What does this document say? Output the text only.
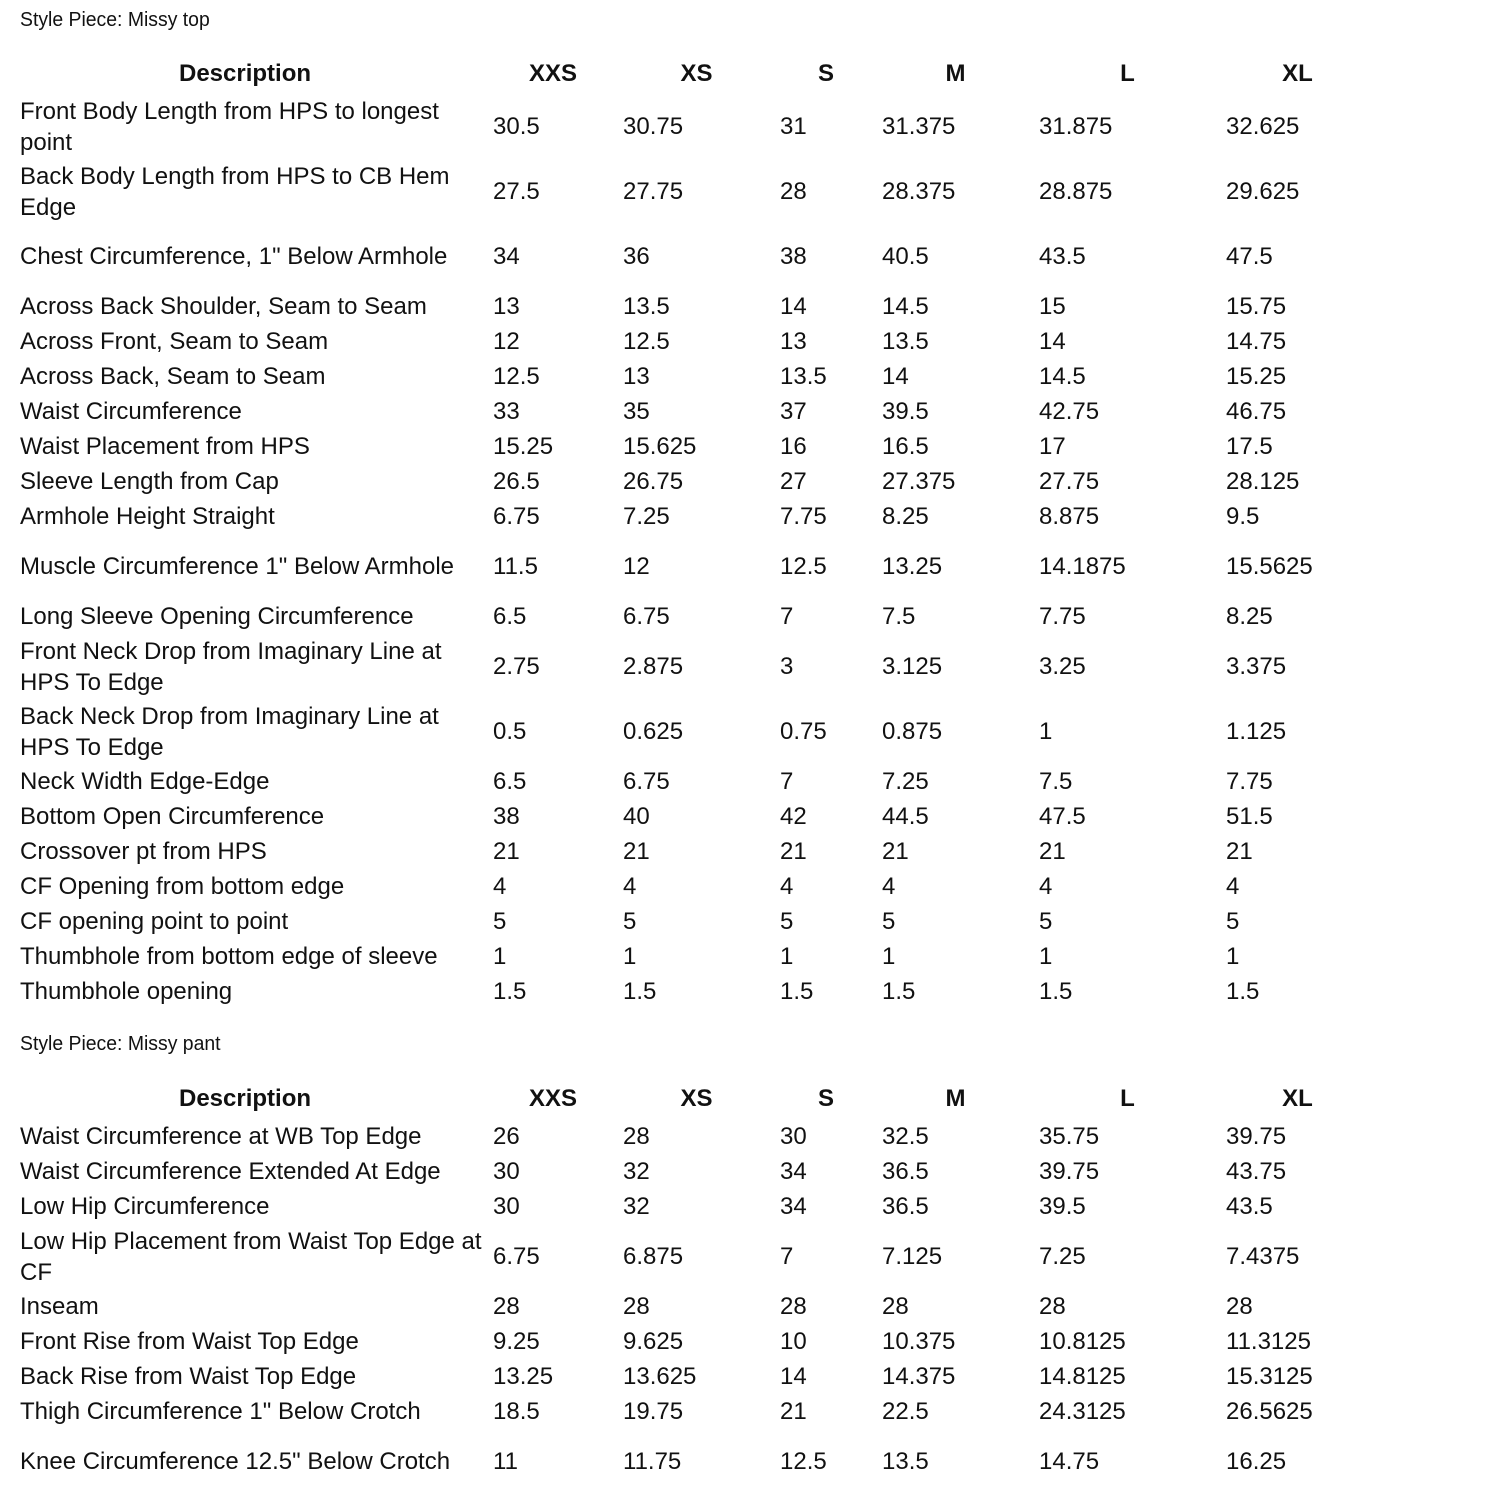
Style Piece: Missy top
Description	XXS	XS	S	M	L	XL
Front Body Length from HPS to longest point	30.5	30.75	31	31.375	31.875	32.625
Back Body Length from HPS to CB Hem Edge	27.5	27.75	28	28.375	28.875	29.625
Chest Circumference, 1" Below Armhole	34	36	38	40.5	43.5	47.5
Across Back Shoulder, Seam to Seam	13	13.5	14	14.5	15	15.75
Across Front, Seam to Seam	12	12.5	13	13.5	14	14.75
Across Back, Seam to Seam	12.5	13	13.5	14	14.5	15.25
Waist Circumference	33	35	37	39.5	42.75	46.75
Waist Placement from HPS	15.25	15.625	16	16.5	17	17.5
Sleeve Length from Cap	26.5	26.75	27	27.375	27.75	28.125
Armhole Height Straight	6.75	7.25	7.75	8.25	8.875	9.5
Muscle Circumference 1" Below Armhole	11.5	12	12.5	13.25	14.1875	15.5625
Long Sleeve Opening Circumference	6.5	6.75	7	7.5	7.75	8.25
Front Neck Drop from Imaginary Line at HPS To Edge	2.75	2.875	3	3.125	3.25	3.375
Back Neck Drop from Imaginary Line at HPS To Edge	0.5	0.625	0.75	0.875	1	1.125
Neck Width Edge-Edge	6.5	6.75	7	7.25	7.5	7.75
Bottom Open Circumference	38	40	42	44.5	47.5	51.5
Crossover pt from HPS	21	21	21	21	21	21
CF Opening from bottom edge	4	4	4	4	4	4
CF opening point to point	5	5	5	5	5	5
Thumbhole from bottom edge of sleeve	1	1	1	1	1	1
Thumbhole opening	1.5	1.5	1.5	1.5	1.5	1.5
Style Piece: Missy pant
Description	XXS	XS	S	M	L	XL
Waist Circumference at WB Top Edge	26	28	30	32.5	35.75	39.75
Waist Circumference Extended At Edge	30	32	34	36.5	39.75	43.75
Low Hip Circumference	30	32	34	36.5	39.5	43.5
Low Hip Placement from Waist Top Edge at CF	6.75	6.875	7	7.125	7.25	7.4375
Inseam	28	28	28	28	28	28
Front Rise from Waist Top Edge	9.25	9.625	10	10.375	10.8125	11.3125
Back Rise from Waist Top Edge	13.25	13.625	14	14.375	14.8125	15.3125
Thigh Circumference 1" Below Crotch	18.5	19.75	21	22.5	24.3125	26.5625
Knee Circumference 12.5" Below Crotch	11	11.75	12.5	13.5	14.75	16.25
